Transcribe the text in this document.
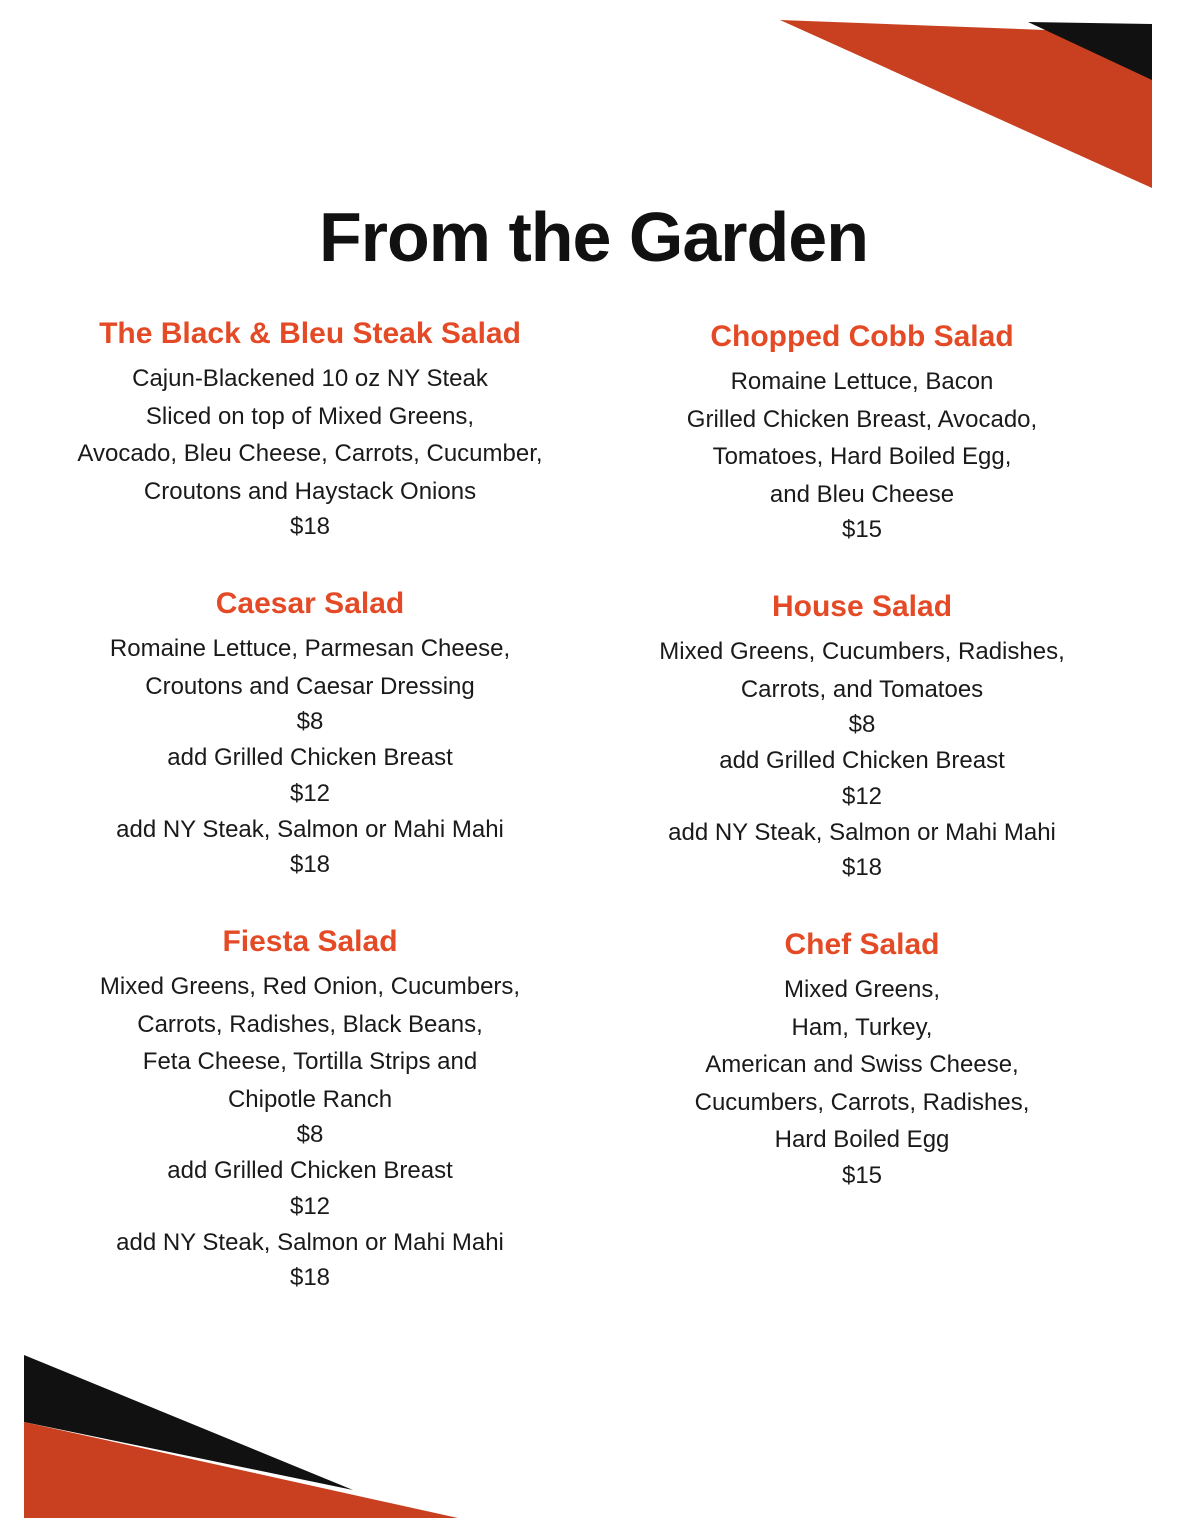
From the Garden
The Black & Bleu Steak Salad

Cajun-Blackened 10 oz NY Steak

Sliced on top of Mixed Greens,

Avocado, Bleu Cheese, Carrots, Cucumber,

Croutons and Haystack Onions

$18

Caesar Salad

Romaine Lettuce, Parmesan Cheese,

Croutons and Caesar Dressing

$8

add Grilled Chicken Breast

$12

add NY Steak, Salmon or Mahi Mahi

$18

Fiesta Salad

Mixed Greens, Red Onion, Cucumbers,

Carrots, Radishes, Black Beans,

Feta Cheese, Tortilla Strips and

Chipotle Ranch

$8

add Grilled Chicken Breast

$12

add NY Steak, Salmon or Mahi Mahi

$18

Chopped Cobb Salad

Romaine Lettuce, Bacon

Grilled Chicken Breast, Avocado,

Tomatoes, Hard Boiled Egg,

and Bleu Cheese

$15

House Salad

Mixed Greens, Cucumbers, Radishes,

Carrots, and Tomatoes

$8

add Grilled Chicken Breast

$12

add NY Steak, Salmon or Mahi Mahi

$18

Chef Salad

Mixed Greens,

Ham, Turkey,

American and Swiss Cheese,

Cucumbers, Carrots, Radishes,

Hard Boiled Egg

$15
